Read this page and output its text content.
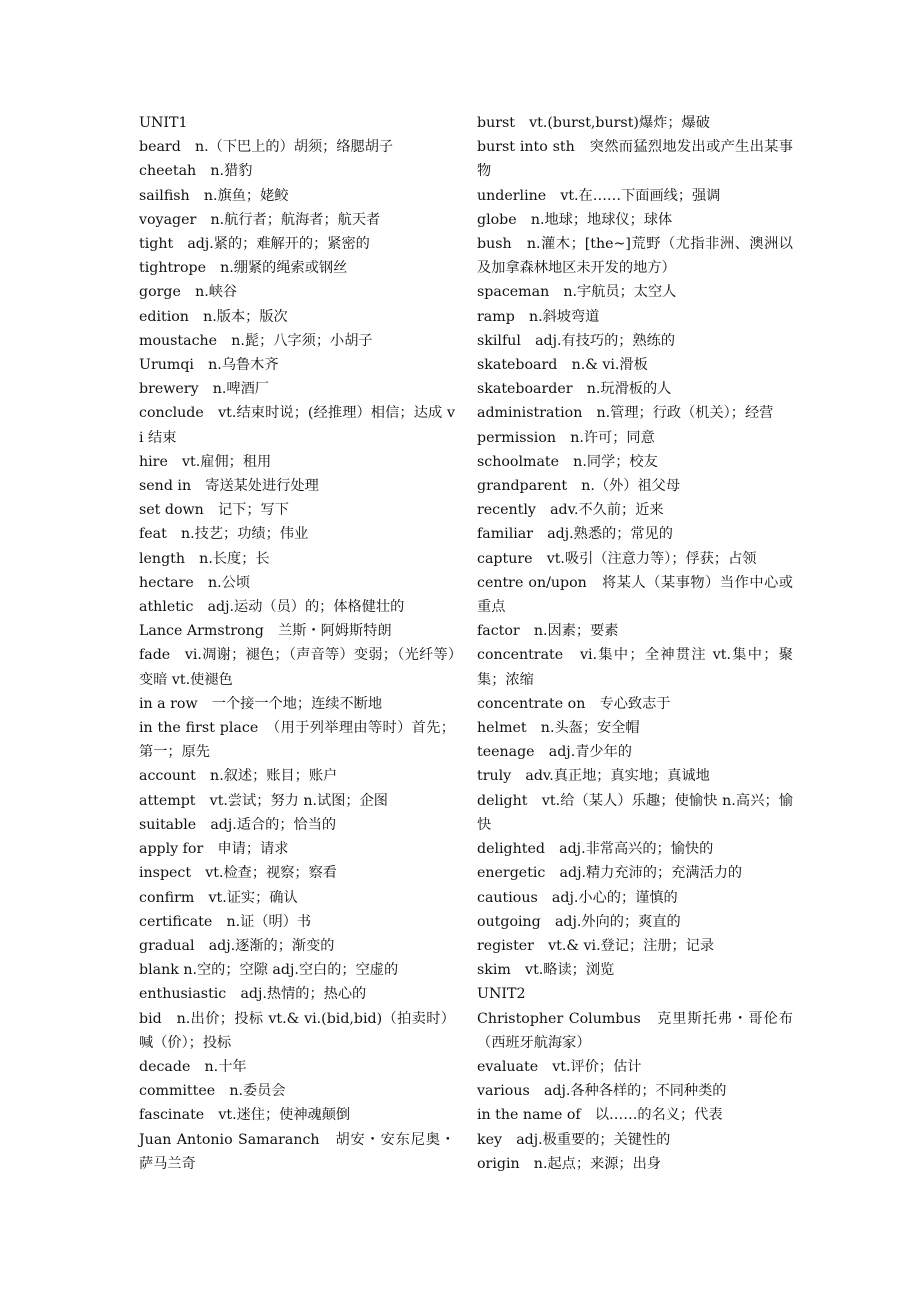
UNIT1

beard　n.（下巴上的）胡须；络腮胡子

cheetah　n.猎豹

sailfish　n.旗鱼；姥鲛

voyager　n.航行者；航海者；航天者

tight　adj.紧的；难解开的；紧密的

tightrope　n.绷紧的绳索或钢丝

gorge　n.峡谷

edition　n.版本；版次

moustache　n.髭；八字须；小胡子

Urumqi　n.乌鲁木齐

brewery　n.啤酒厂

conclude　vt.结束时说；(经推理）相信；达成 vi 结束

hire　vt.雇佣；租用

send in　寄送某处进行处理

set down　记下；写下

feat　n.技艺；功绩；伟业

length　n.长度；长

hectare　n.公顷

athletic　adj.运动（员）的；体格健壮的

Lance Armstrong　兰斯・阿姆斯特朗

fade　vi.凋谢；褪色；（声音等）变弱；（光纤等）变暗 vt.使褪色

in a row　一个接一个地；连续不断地

in the first place　（用于列举理由等时）首先；第一；原先

account　n.叙述；账目；账户

attempt　vt.尝试；努力 n.试图；企图

suitable　adj.适合的；恰当的

apply for　申请；请求

inspect　vt.检查；视察；察看

confirm　vt.证实；确认

certificate　n.证（明）书

gradual　adj.逐渐的；渐变的

blank n.空的；空隙 adj.空白的；空虚的

enthusiastic　adj.热情的；热心的

bid　n.出价；投标 vt.& vi.(bid,bid)（拍卖时）喊（价）；投标

decade　n.十年

committee　n.委员会

fascinate　vt.迷住；使神魂颠倒

Juan Antonio Samaranch　胡安・安东尼奥・萨马兰奇

burst　vt.(burst,burst)爆炸；爆破

burst into sth　突然而猛烈地发出或产生出某事物

underline　vt.在……下面画线；强调

globe　n.地球；地球仪；球体

bush　n.灌木；[the~]荒野（尤指非洲、澳洲以及加拿森林地区未开发的地方）

spaceman　n.宇航员；太空人

ramp　n.斜坡弯道

skilful　adj.有技巧的；熟练的

skateboard　n.& vi.滑板

skateboarder　n.玩滑板的人

administration　n.管理；行政（机关）；经营

permission　n.许可；同意

schoolmate　n.同学；校友

grandparent　n.（外）祖父母

recently　adv.不久前；近来

familiar　adj.熟悉的；常见的

capture　vt.吸引（注意力等）；俘获；占领

centre on/upon　将某人（某事物）当作中心或重点

factor　n.因素；要素

concentrate　vi.集中；全神贯注 vt.集中；聚集；浓缩

concentrate on　专心致志于

helmet　n.头盔；安全帽

teenage　adj.青少年的

truly　adv.真正地；真实地；真诚地

delight　vt.给（某人）乐趣；使愉快 n.高兴；愉快

delighted　adj.非常高兴的；愉快的

energetic　adj.精力充沛的；充满活力的

cautious　adj.小心的；谨慎的

outgoing　adj.外向的；爽直的

register　vt.& vi.登记；注册；记录

skim　vt.略读；浏览

UNIT2

Christopher Columbus　克里斯托弗・哥伦布（西班牙航海家）

evaluate　vt.评价；估计

various　adj.各种各样的；不同种类的

in the name of　以……的名义；代表

key　adj.极重要的；关键性的

origin　n.起点；来源；出身
